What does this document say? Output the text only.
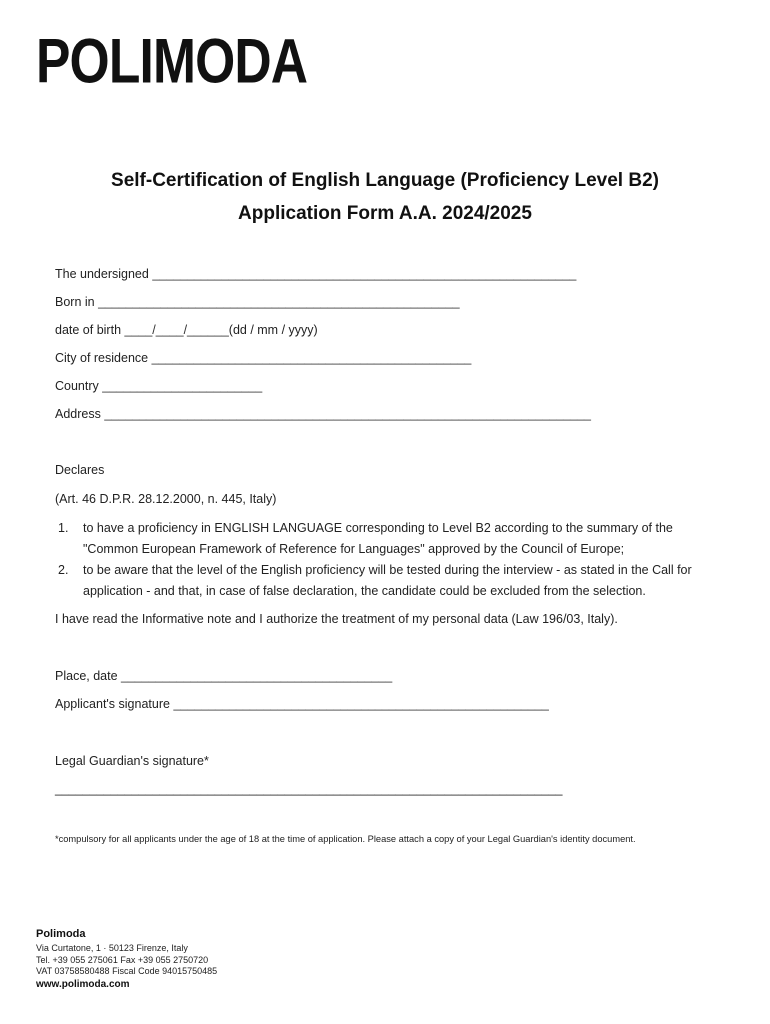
POLIMODA
Self-Certification of English Language (Proficiency Level B2)
Application Form A.A. 2024/2025
The undersigned _____________________________________________________________
Born in ____________________________________________________
date of birth ____/____/______(dd / mm / yyyy)
City of residence ______________________________________________
Country _______________________
Address ______________________________________________________________________
Declares
(Art. 46 D.P.R. 28.12.2000, n. 445, Italy)
1. to have a proficiency in ENGLISH LANGUAGE corresponding to Level B2 according to the summary of the
"Common European Framework of Reference for Languages" approved by the Council of Europe;
2. to be aware that the level of the English proficiency will be tested during the interview - as stated in the Call for
application - and that, in case of false declaration, the candidate could be excluded from the selection.
I have read the Informative note and I authorize the treatment of my personal data (Law 196/03, Italy).
Place, date _______________________________________
Applicant's signature ______________________________________________________
Legal Guardian's signature*
_________________________________________________________________________
*compulsory for all applicants under the age of 18 at the time of application. Please attach a copy of your Legal Guardian's identity document.
Polimoda
Via Curtatone, 1 · 50123 Firenze, Italy
Tel. +39 055 275061 Fax +39 055 2750720
VAT 03758580488 Fiscal Code 94015750485
www.polimoda.com
